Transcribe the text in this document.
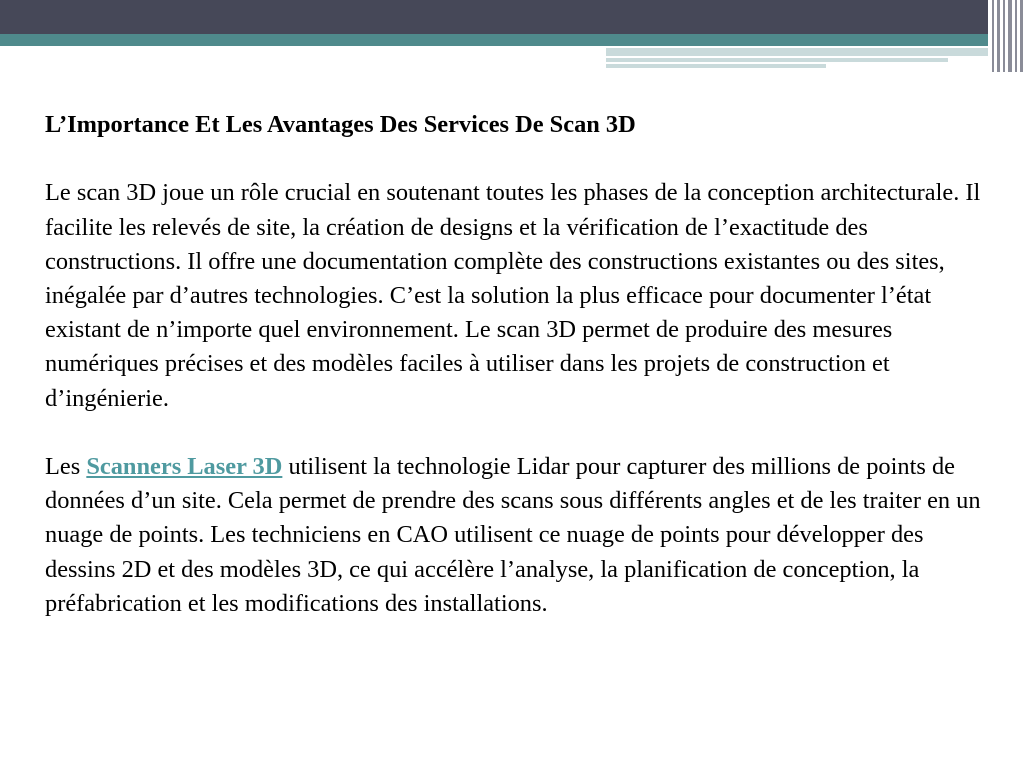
L’Importance Et Les Avantages Des Services De Scan 3D

Le scan 3D joue un rôle crucial en soutenant toutes les phases de la conception architecturale. Il facilite les relevés de site, la création de designs et la vérification de l’exactitude des constructions. Il offre une documentation complète des constructions existantes ou des sites, inégalée par d’autres technologies. C’est la solution la plus efficace pour documenter l’état existant de n’importe quel environnement. Le scan 3D permet de produire des mesures numériques précises et des modèles faciles à utiliser dans les projets de construction et d’ingénierie.

Les Scanners Laser 3D utilisent la technologie Lidar pour capturer des millions de points de données d’un site. Cela permet de prendre des scans sous différents angles et de les traiter en un nuage de points. Les techniciens en CAO utilisent ce nuage de points pour développer des dessins 2D et des modèles 3D, ce qui accélère l’analyse, la planification de conception, la préfabrication et les modifications des installations.
